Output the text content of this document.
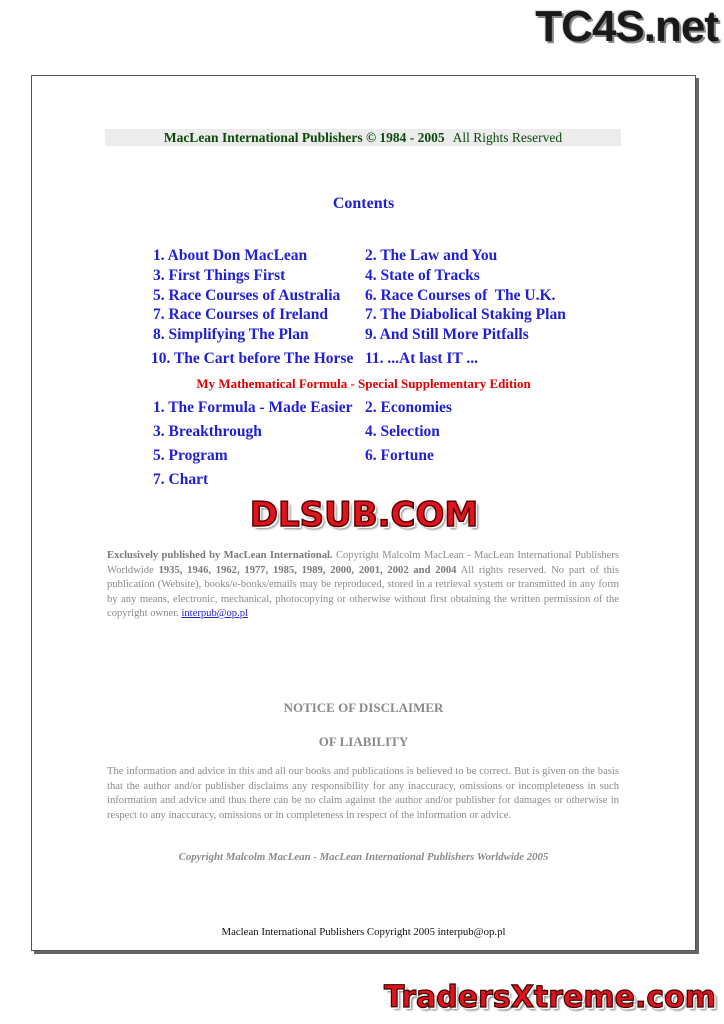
TC4S.net
MacLean International Publishers © 1984 - 2005 All Rights Reserved
Contents
1. About Don MacLean	2. The Law and You
3. First Things First	4. State of Tracks
5. Race Courses of Australia 6. Race Courses of  The U.K.
7. Race Courses of Ireland 7. The Diabolical Staking Plan
8. Simplifying The Plan	9. And Still More Pitfalls
10. The Cart before The Horse 11. ...At last IT ...
My Mathematical Formula - Special Supplementary Edition
1. The Formula - Made Easier 2. Economies
3. Breakthrough	4. Selection
5. Program	6. Fortune
7. Chart
DLSUB.COM
Exclusively published by MacLean International. Copyright Malcolm MacLean - MacLean International Publishers Worldwide 1935, 1946, 1962, 1977, 1985, 1989, 2000, 2001, 2002 and 2004 All rights reserved. No part of this publication (Website), books/e-books/emails may be reproduced, stored in a retrieval system or transmitted in any form by any means, electronic, mechanical, photocopying or otherwise without first obtaining the written permission of the copyright owner. interpub@op.pl
NOTICE OF DISCLAIMER
OF LIABILITY
The information and advice in this and all our books and publications is believed to be correct. But is given on the basis that the author and/or publisher disclaims any responsibility for any inaccuracy, omissions or incompleteness in such information and advice and thus there can be no claim against the author and/or publisher for damages or otherwise in respect to any inaccuracy, omissions or in completeness in respect of the information or advice.
Copyright Malcolm MacLean - MacLean International Publishers Worldwide 2005
Maclean International Publishers Copyright 2005 interpub@op.pl
TradersXtreme.com
